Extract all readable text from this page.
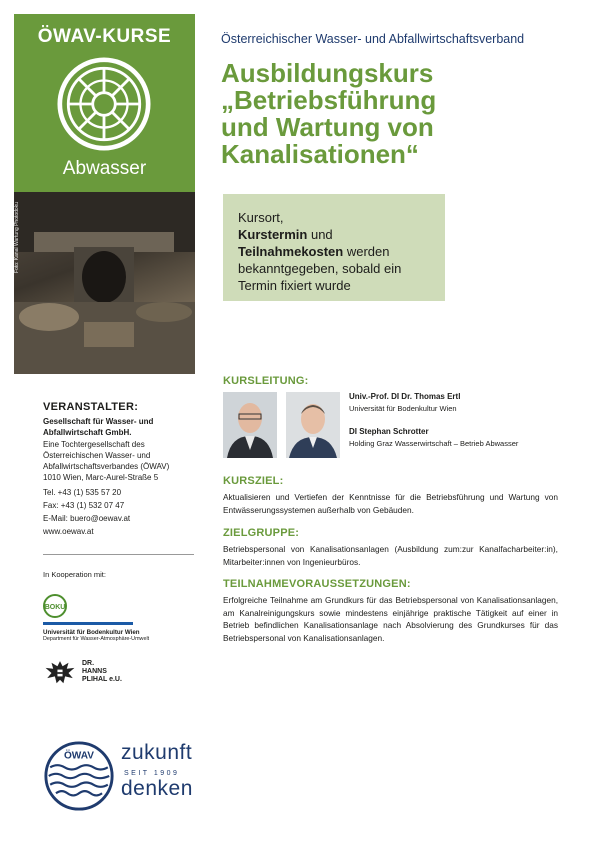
ÖWAV-KURSE
Abwasser
Foto: Kanal Wartung Photodoku
Österreichischer Wasser- und Abfallwirtschaftsverband
Ausbildungskurs
„Betriebsführung
und Wartung von
Kanalisationen“
Kursort,
Kurstermin und
Teilnahmekosten werden
bekanntgegeben, sobald ein
Termin fixiert wurde
KURSLEITUNG:
Univ.-Prof. DI Dr. Thomas Ertl
Universität für Bodenkultur Wien
DI Stephan Schrotter
Holding Graz Wasserwirtschaft – Betrieb Abwasser
KURSZIEL:
Aktualisieren und Vertiefen der Kenntnisse für die Betriebsführung und Wartung von Entwässerungssystemen außerhalb von Gebäuden.
ZIELGRUPPE:
Betriebspersonal von Kanalisationsanlagen (Ausbildung zum:zur Kanalfacharbeiter:in), Mitarbeiter:innen von Ingenieurbüros.
TEILNAHMEVORAUSSETZUNGEN:
Erfolgreiche Teilnahme am Grundkurs für das Betriebspersonal von Kanalisationsanlagen, am Kanalreinigungskurs sowie mindestens einjährige praktische Tätigkeit auf einer in Betrieb befindlichen Kanalisationsanlage nach Absolvierung des Grundkurses für das Betriebspersonal von Kanalisationsanlagen.
VERANSTALTER:
Gesellschaft für Wasser- und
Abfallwirtschaft GmbH.
Eine Tochtergesellschaft des
Österreichischen Wasser- und
Abfallwirtschaftsverbandes (ÖWAV)
1010 Wien, Marc-Aurel-Straße 5
Tel. +43 (1) 535 57 20
Fax: +43 (1) 532 07 47
E-Mail: buero@oewav.at
www.oewav.at
In Kooperation mit:
BOKU
Universität für Bodenkultur Wien
Department für Wasser-Atmosphäre-Umwelt
DR.
HANNS
PLIHAL e.U.
ÖWAV zukunft
SEIT 1909
denken
